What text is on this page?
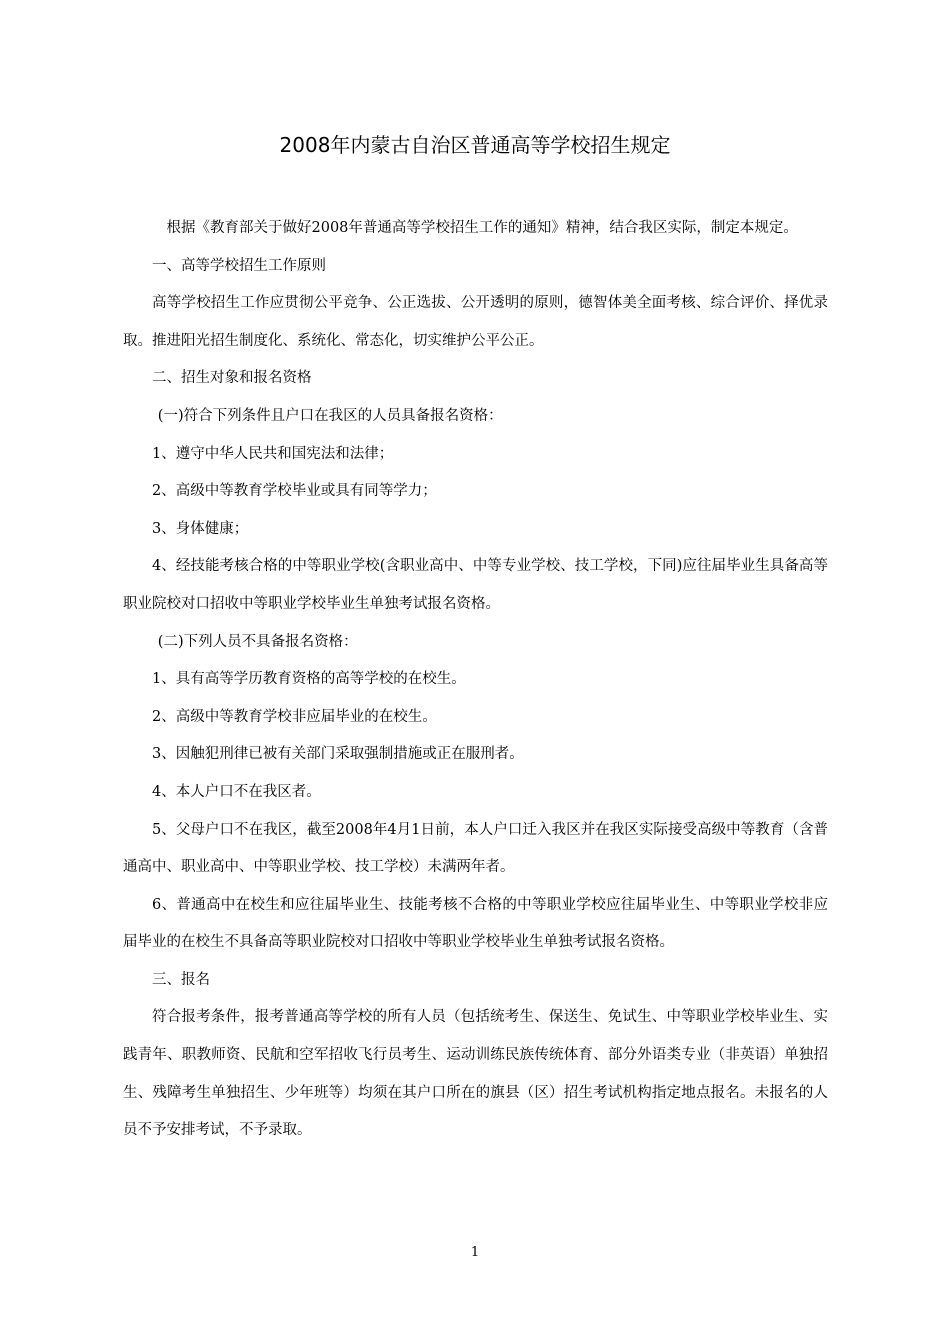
2008年内蒙古自治区普通高等学校招生规定

根据《教育部关于做好2008年普通高等学校招生工作的通知》精神，结合我区实际，制定本规定。

一、高等学校招生工作原则

高等学校招生工作应贯彻公平竞争、公正选拔、公开透明的原则，德智体美全面考核、综合评价、择优录取。推进阳光招生制度化、系统化、常态化，切实维护公平公正。

二、招生对象和报名资格

(一)符合下列条件且户口在我区的人员具备报名资格：

1、遵守中华人民共和国宪法和法律；

2、高级中等教育学校毕业或具有同等学力；

3、身体健康；

4、经技能考核合格的中等职业学校(含职业高中、中等专业学校、技工学校，下同)应往届毕业生具备高等职业院校对口招收中等职业学校毕业生单独考试报名资格。

(二)下列人员不具备报名资格：

1、具有高等学历教育资格的高等学校的在校生。

2、高级中等教育学校非应届毕业的在校生。

3、因触犯刑律已被有关部门采取强制措施或正在服刑者。

4、本人户口不在我区者。

5、父母户口不在我区，截至2008年4月1日前，本人户口迁入我区并在我区实际接受高级中等教育（含普通高中、职业高中、中等职业学校、技工学校）未满两年者。

6、普通高中在校生和应往届毕业生、技能考核不合格的中等职业学校应往届毕业生、中等职业学校非应届毕业的在校生不具备高等职业院校对口招收中等职业学校毕业生单独考试报名资格。

三、报名

符合报考条件，报考普通高等学校的所有人员（包括统考生、保送生、免试生、中等职业学校毕业生、实践青年、职教师资、民航和空军招收飞行员考生、运动训练民族传统体育、部分外语类专业（非英语）单独招生、残障考生单独招生、少年班等）均须在其户口所在的旗县（区）招生考试机构指定地点报名。未报名的人员不予安排考试，不予录取。

1
